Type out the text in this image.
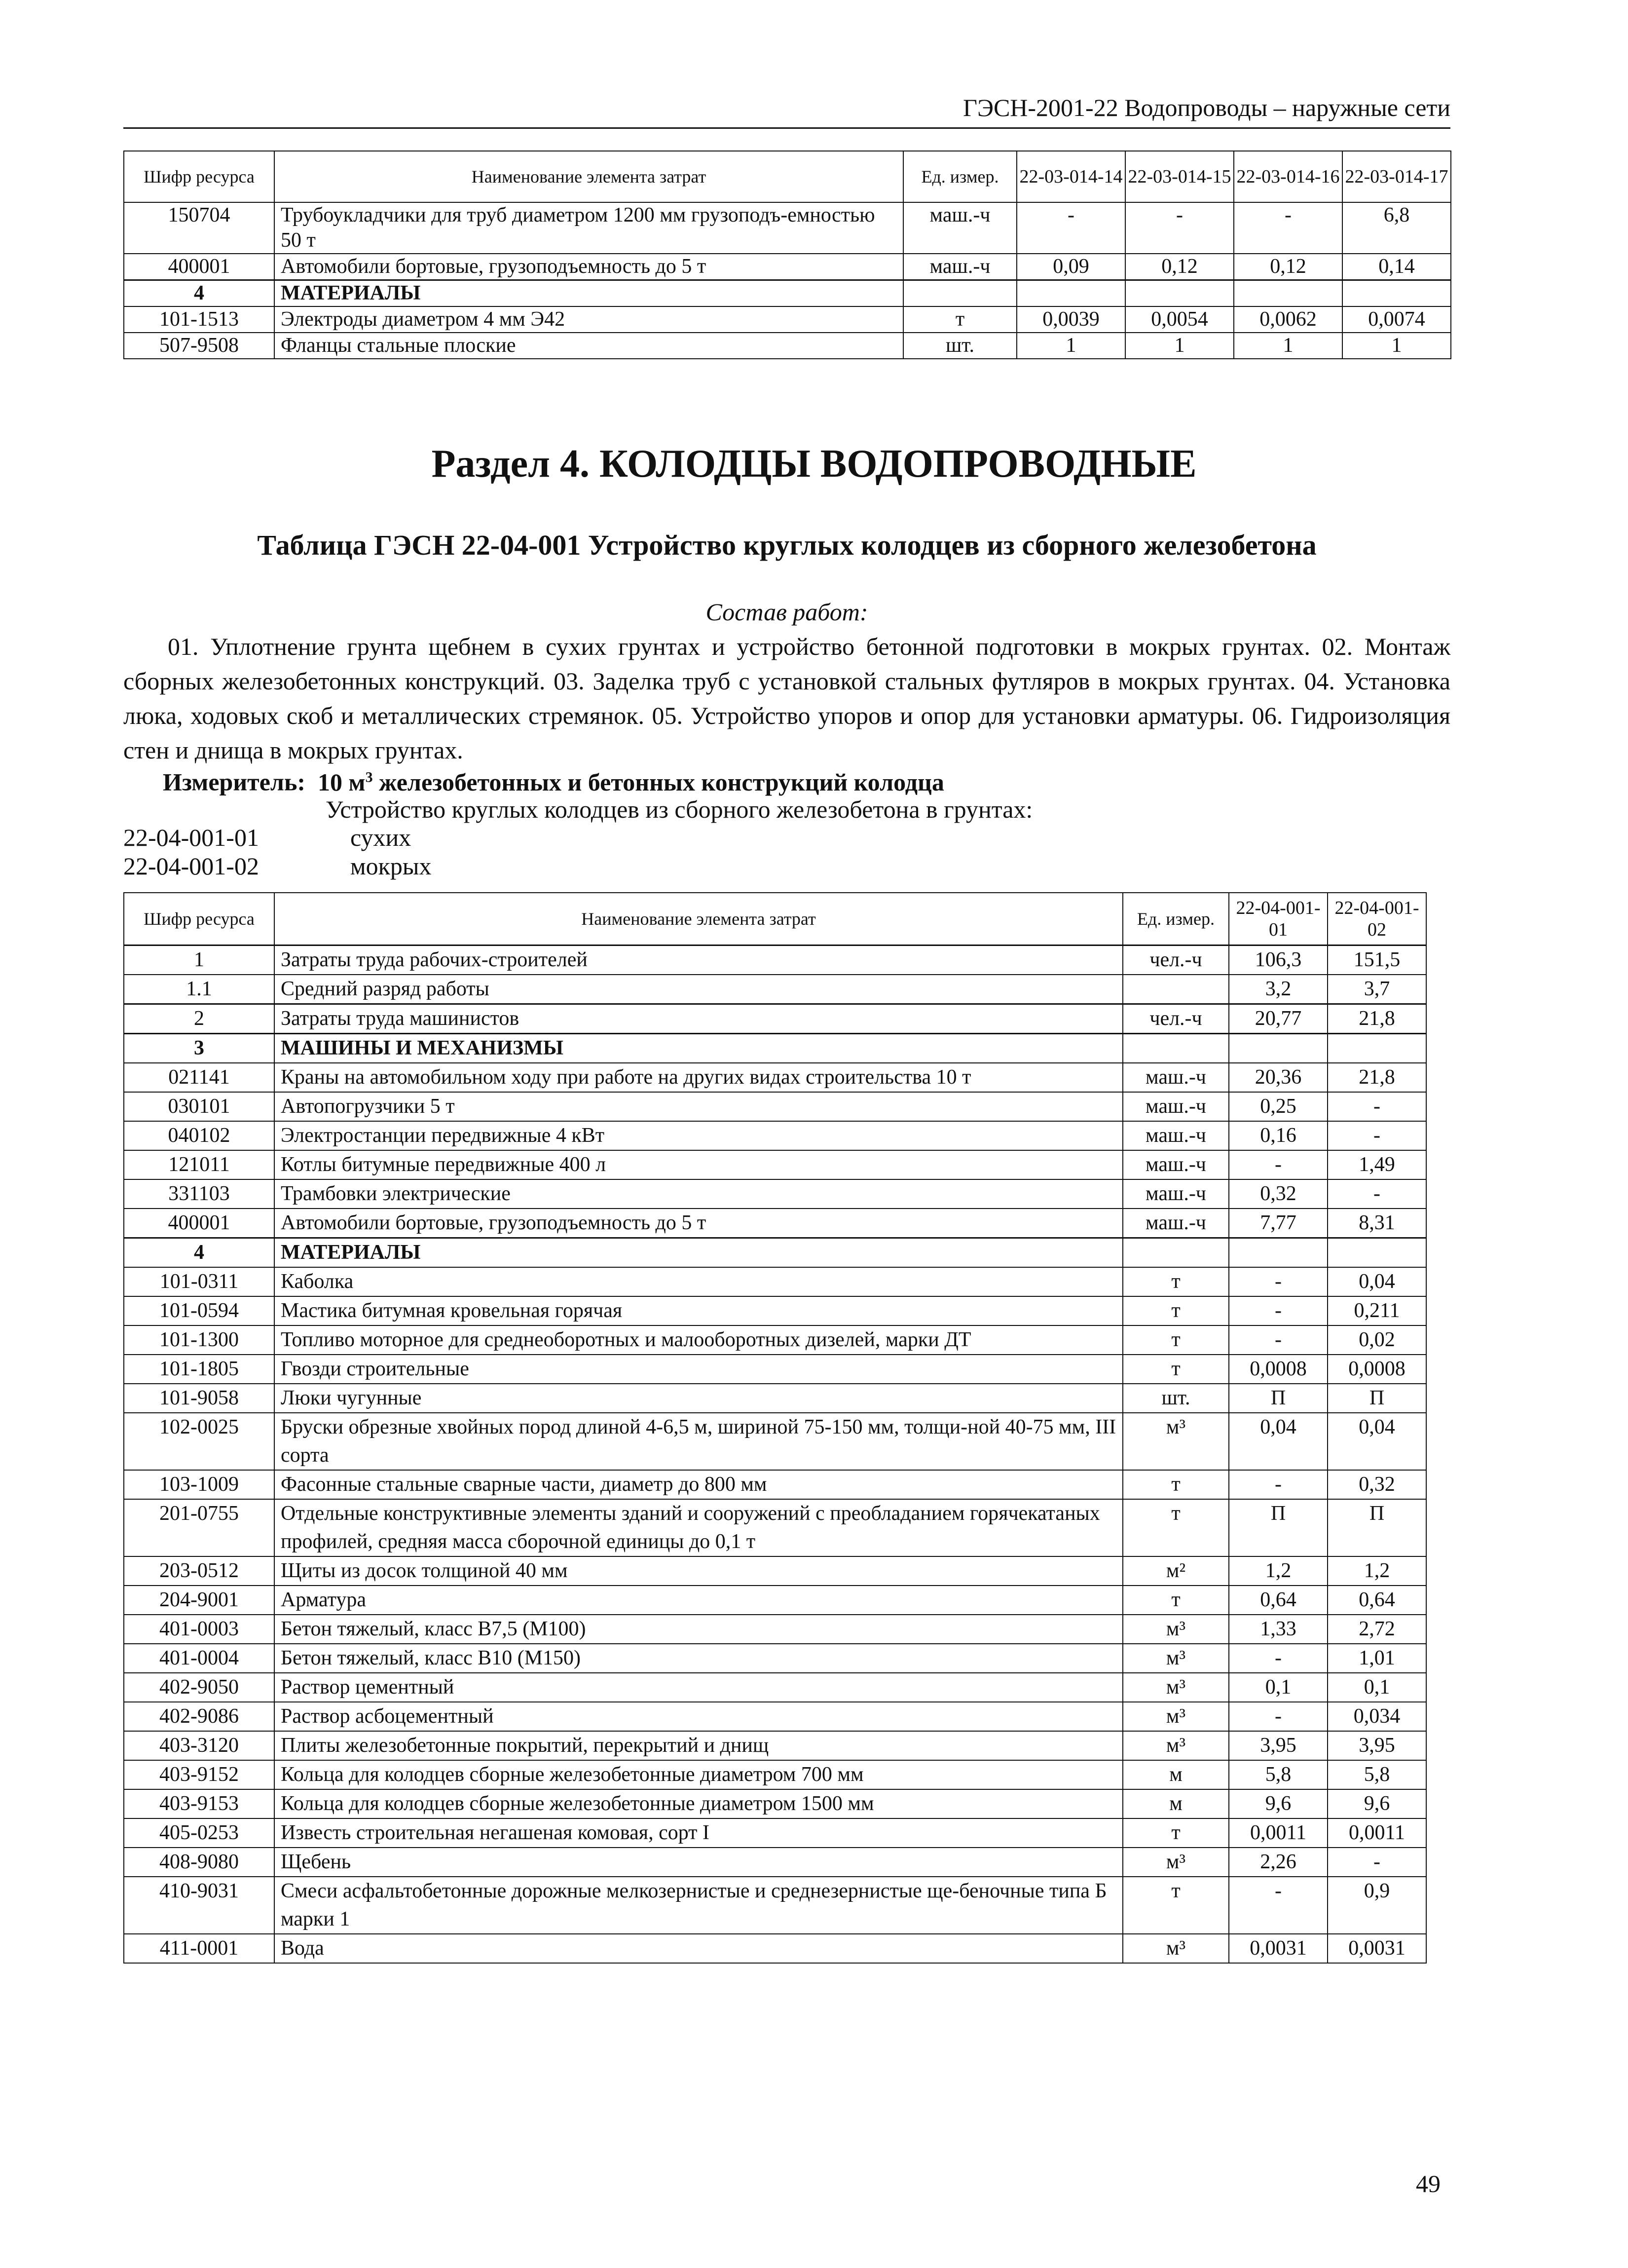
ГЭСН-2001-22 Водопроводы – наружные сети
Шифр ресурса	Наименование элемента затрат	Ед. измер.	22-03-014-14	22-03-014-15	22-03-014-16	22-03-014-17
150704	Трубоукладчики для труб диаметром 1200 мм грузоподъ-емностью 50 т	маш.-ч	-	-	-	6,8
400001	Автомобили бортовые, грузоподъемность до 5 т	маш.-ч	0,09	0,12	0,12	0,14
4	МАТЕРИАЛЫ					
101-1513	Электроды диаметром 4 мм Э42	т	0,0039	0,0054	0,0062	0,0074
507-9508	Фланцы стальные плоские	шт.	1	1	1	1
Раздел 4. КОЛОДЦЫ ВОДОПРОВОДНЫЕ
Таблица ГЭСН 22-04-001 Устройство круглых колодцев из сборного железобетона
Состав работ:
01. Уплотнение грунта щебнем в сухих грунтах и устройство бетонной подготовки в мокрых грунтах. 02. Монтаж сборных железобетонных конструкций. 03. Заделка труб с установкой стальных футляров в мокрых грунтах. 04. Установка люка, ходовых скоб и металлических стремянок. 05. Устройство упоров и опор для установки арматуры. 06. Гидроизоляция стен и днища в мокрых грунтах.
Измеритель: 10 $м^3$ железобетонных и бетонных конструкций колодца
Устройство круглых колодцев из сборного железобетона в грунтах:
22-04-001-01	сухих
22-04-001-02	мокрых
Шифр ресурса	Наименование элемента затрат	Ед. измер.	22-04-001-01	22-04-001-02
1	Затраты труда рабочих-строителей	чел.-ч	106,3	151,5
1.1	Средний разряд работы		3,2	3,7
2	Затраты труда машинистов	чел.-ч	20,77	21,8
3	МАШИНЫ И МЕХАНИЗМЫ			
021141	Краны на автомобильном ходу при работе на других видах строительства 10 т	маш.-ч	20,36	21,8
030101	Автопогрузчики 5 т	маш.-ч	0,25	-
040102	Электростанции передвижные 4 кВт	маш.-ч	0,16	-
121011	Котлы битумные передвижные 400 л	маш.-ч	-	1,49
331103	Трамбовки электрические	маш.-ч	0,32	-
400001	Автомобили бортовые, грузоподъемность до 5 т	маш.-ч	7,77	8,31
4	МАТЕРИАЛЫ			
101-0311	Каболка	т	-	0,04
101-0594	Мастика битумная кровельная горячая	т	-	0,211
101-1300	Топливо моторное для среднеоборотных и малооборотных дизелей, марки ДТ	т	-	0,02
101-1805	Гвозди строительные	т	0,0008	0,0008
101-9058	Люки чугунные	шт.	П	П
102-0025	Бруски обрезные хвойных пород длиной 4-6,5 м, шириной 75-150 мм, толщи-ной 40-75 мм, III сорта	м³	0,04	0,04
103-1009	Фасонные стальные сварные части, диаметр до 800 мм	т	-	0,32
201-0755	Отдельные конструктивные элементы зданий и сооружений с преобладанием горячекатаных профилей, средняя масса сборочной единицы до 0,1 т	т	П	П
203-0512	Щиты из досок толщиной 40 мм	м²	1,2	1,2
204-9001	Арматура	т	0,64	0,64
401-0003	Бетон тяжелый, класс В7,5 (М100)	м³	1,33	2,72
401-0004	Бетон тяжелый, класс В10 (М150)	м³	-	1,01
402-9050	Раствор цементный	м³	0,1	0,1
402-9086	Раствор асбоцементный	м³	-	0,034
403-3120	Плиты железобетонные покрытий, перекрытий и днищ	м³	3,95	3,95
403-9152	Кольца для колодцев сборные железобетонные диаметром 700 мм	м	5,8	5,8
403-9153	Кольца для колодцев сборные железобетонные диаметром 1500 мм	м	9,6	9,6
405-0253	Известь строительная негашеная комовая, сорт I	т	0,0011	0,0011
408-9080	Щебень	м³	2,26	-
410-9031	Смеси асфальтобетонные дорожные мелкозернистые и среднезернистые ще-беночные типа Б марки 1	т	-	0,9
411-0001	Вода	м³	0,0031	0,0031
49
